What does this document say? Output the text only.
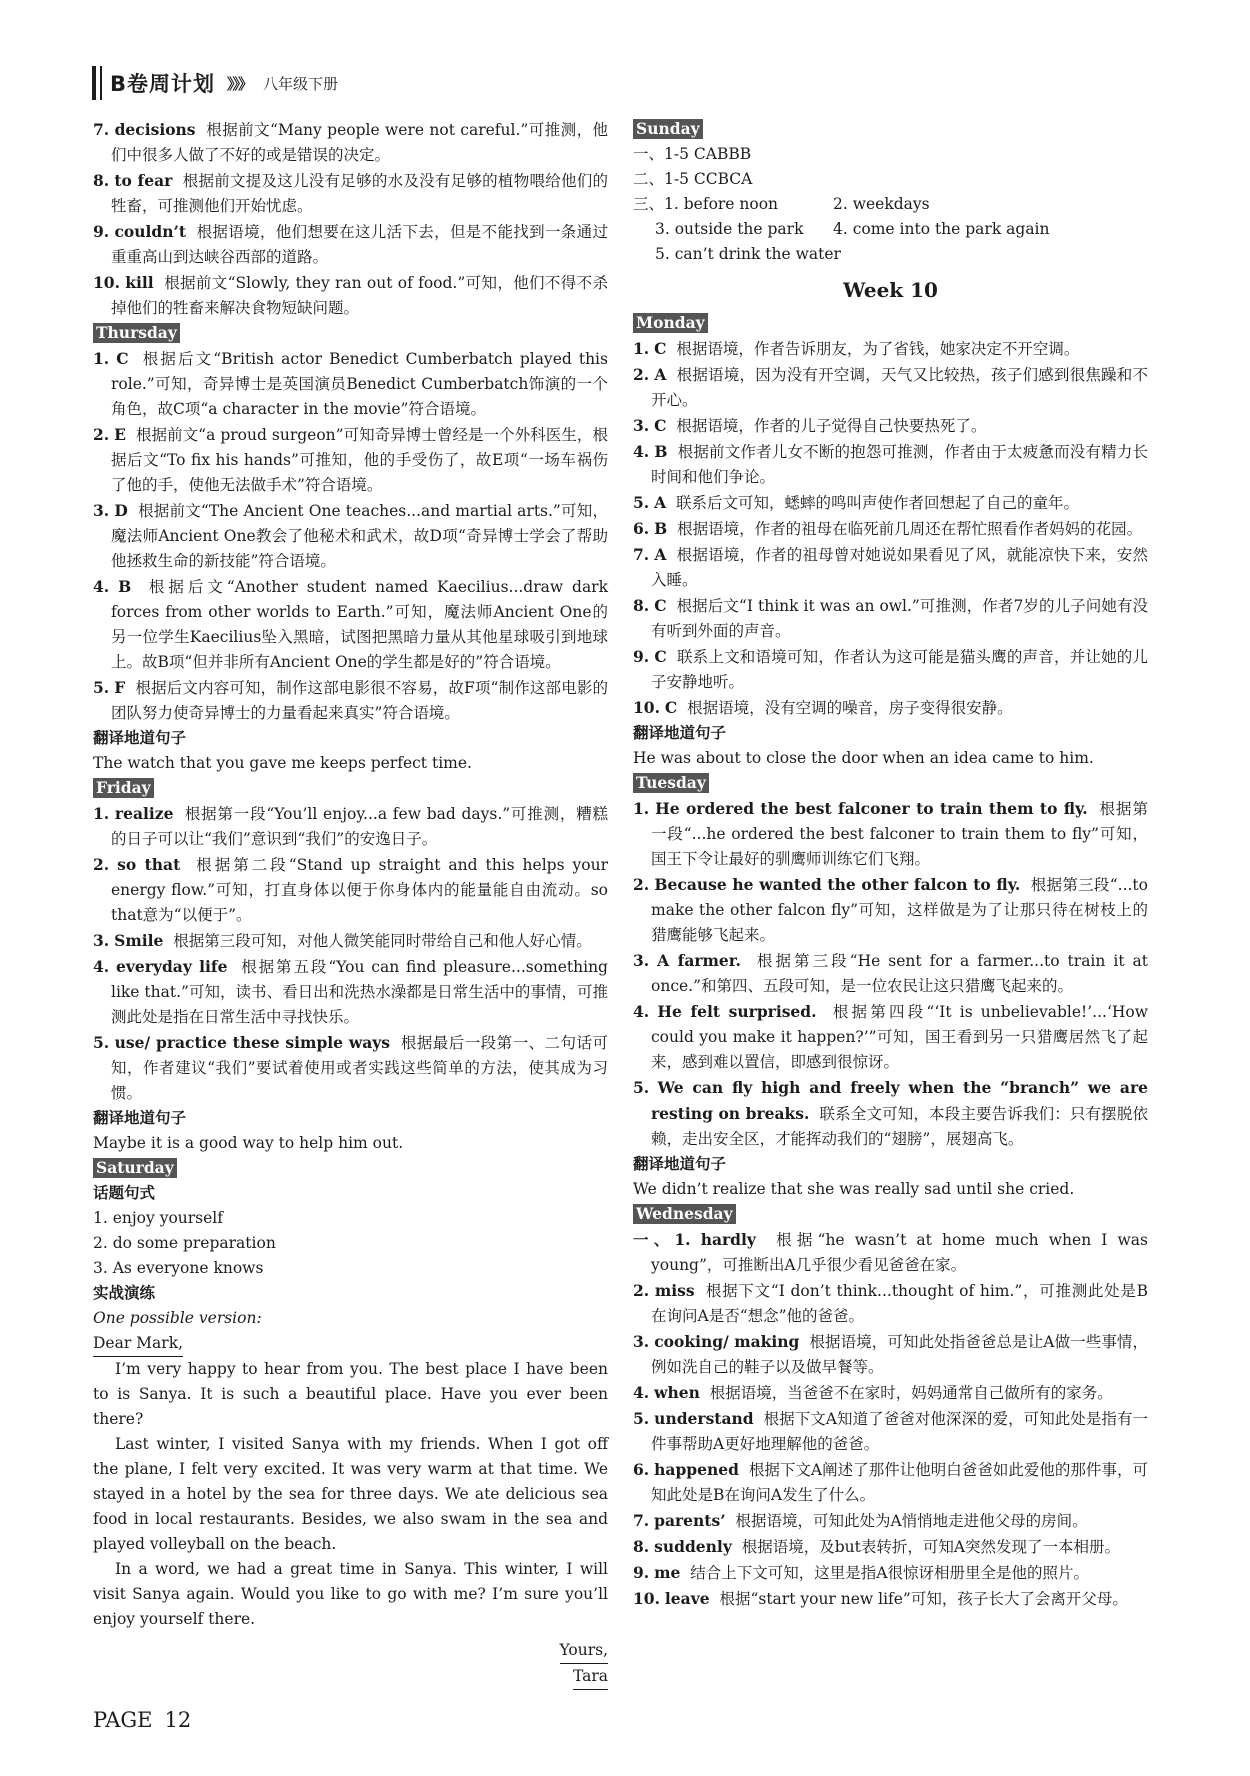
B卷周计划 》》》 八年级下册

7. decisions 根据前文“Many people were not careful.”可推测，他们中很多人做了不好的或是错误的决定。

8. to fear 根据前文提及这儿没有足够的水及没有足够的植物喂给他们的牲畜，可推测他们开始忧虑。

9. couldn’t 根据语境，他们想要在这儿活下去，但是不能找到一条通过重重高山到达峡谷西部的道路。

10. kill 根据前文“Slowly, they ran out of food.”可知，他们不得不杀掉他们的牲畜来解决食物短缺问题。

Thursday

1. C 根据后文“British actor Benedict Cumberbatch played this role.”可知，奇异博士是英国演员Benedict Cumberbatch饰演的一个角色，故C项“a character in the movie”符合语境。

2. E 根据前文“a proud surgeon”可知奇异博士曾经是一个外科医生，根据后文“To fix his hands”可推知，他的手受伤了，故E项“一场车祸伤了他的手，使他无法做手术”符合语境。

3. D 根据前文“The Ancient One teaches...and martial arts.”可知，魔法师Ancient One教会了他秘术和武术，故D项“奇异博士学会了帮助他拯救生命的新技能”符合语境。

4. B 根据后文“Another student named Kaecilius...draw dark forces from other worlds to Earth.”可知，魔法师Ancient One的另一位学生Kaecilius坠入黑暗，试图把黑暗力量从其他星球吸引到地球上。故B项“但并非所有Ancient One的学生都是好的”符合语境。

5. F 根据后文内容可知，制作这部电影很不容易，故F项“制作这部电影的团队努力使奇异博士的力量看起来真实”符合语境。

翻译地道句子

The watch that you gave me keeps perfect time.

Friday

1. realize 根据第一段“You’ll enjoy...a few bad days.”可推测，糟糕的日子可以让“我们”意识到“我们”的安逸日子。

2. so that 根据第二段“Stand up straight and this helps your energy flow.”可知，打直身体以便于你身体内的能量能自由流动。so that意为“以便于”。

3. Smile 根据第三段可知，对他人微笑能同时带给自己和他人好心情。

4. everyday life 根据第五段“You can find pleasure...something like that.”可知，读书、看日出和洗热水澡都是日常生活中的事情，可推测此处是指在日常生活中寻找快乐。

5. use/ practice these simple ways 根据最后一段第一、二句话可知，作者建议“我们”要试着使用或者实践这些简单的方法，使其成为习惯。

翻译地道句子

Maybe it is a good way to help him out.

Saturday

话题句式

1. enjoy yourself

2. do some preparation

3. As everyone knows

实战演练

One possible version:

Dear Mark,

I’m very happy to hear from you. The best place I have been to is Sanya. It is such a beautiful place. Have you ever been there?

Last winter, I visited Sanya with my friends. When I got off the plane, I felt very excited. It was very warm at that time. We stayed in a hotel by the sea for three days. We ate delicious sea food in local restaurants. Besides, we also swam in the sea and played volleyball on the beach.

In a word, we had a great time in Sanya. This winter, I will visit Sanya again. Would you like to go with me? I’m sure you’ll enjoy yourself there.

Yours,

Tara

Sunday

一、1-5 CABBB

二、1-5 CCBCA

三、1. before noon	2. weekdays
3. outside the park	4. come into the park again

5. can’t drink the water

Week 10

Monday

1. C 根据语境，作者告诉朋友，为了省钱，她家决定不开空调。

2. A 根据语境，因为没有开空调，天气又比较热，孩子们感到很焦躁和不开心。

3. C 根据语境，作者的儿子觉得自己快要热死了。

4. B 根据前文作者儿女不断的抱怨可推测，作者由于太疲惫而没有精力长时间和他们争论。

5. A 联系后文可知，蟋蟀的鸣叫声使作者回想起了自己的童年。

6. B 根据语境，作者的祖母在临死前几周还在帮忙照看作者妈妈的花园。

7. A 根据语境，作者的祖母曾对她说如果看见了风，就能凉快下来，安然入睡。

8. C 根据后文“I think it was an owl.”可推测，作者7岁的儿子问她有没有听到外面的声音。

9. C 联系上文和语境可知，作者认为这可能是猫头鹰的声音，并让她的儿子安静地听。

10. C 根据语境，没有空调的噪音，房子变得很安静。

翻译地道句子

He was about to close the door when an idea came to him.

Tuesday

1. He ordered the best falconer to train them to fly. 根据第一段“...he ordered the best falconer to train them to fly”可知，国王下令让最好的驯鹰师训练它们飞翔。

2. Because he wanted the other falcon to fly. 根据第三段“...to make the other falcon fly”可知，这样做是为了让那只待在树枝上的猎鹰能够飞起来。

3. A farmer. 根据第三段“He sent for a farmer...to train it at once.”和第四、五段可知，是一位农民让这只猎鹰飞起来的。

4. He felt surprised. 根据第四段“‘It is unbelievable!’...‘How could you make it happen?’”可知，国王看到另一只猎鹰居然飞了起来，感到难以置信，即感到很惊讶。

5. We can fly high and freely when the “branch” we are resting on breaks. 联系全文可知，本段主要告诉我们：只有摆脱依赖，走出安全区，才能挥动我们的“翅膀”，展翅高飞。

翻译地道句子

We didn’t realize that she was really sad until she cried.

Wednesday

一、1. hardly 根据“he wasn’t at home much when I was young”，可推断出A几乎很少看见爸爸在家。

2. miss 根据下文“I don’t think...thought of him.”，可推测此处是B在询问A是否“想念”他的爸爸。

3. cooking/ making 根据语境，可知此处指爸爸总是让A做一些事情，例如洗自己的鞋子以及做早餐等。

4. when 根据语境，当爸爸不在家时，妈妈通常自己做所有的家务。

5. understand 根据下文A知道了爸爸对他深深的爱，可知此处是指有一件事帮助A更好地理解他的爸爸。

6. happened 根据下文A阐述了那件让他明白爸爸如此爱他的那件事，可知此处是B在询问A发生了什么。

7. parents’ 根据语境，可知此处为A悄悄地走进他父母的房间。

8. suddenly 根据语境，及but表转折，可知A突然发现了一本相册。

9. me 结合上下文可知，这里是指A很惊讶相册里全是他的照片。

10. leave 根据“start your new life”可知，孩子长大了会离开父母。

PAGE 12
